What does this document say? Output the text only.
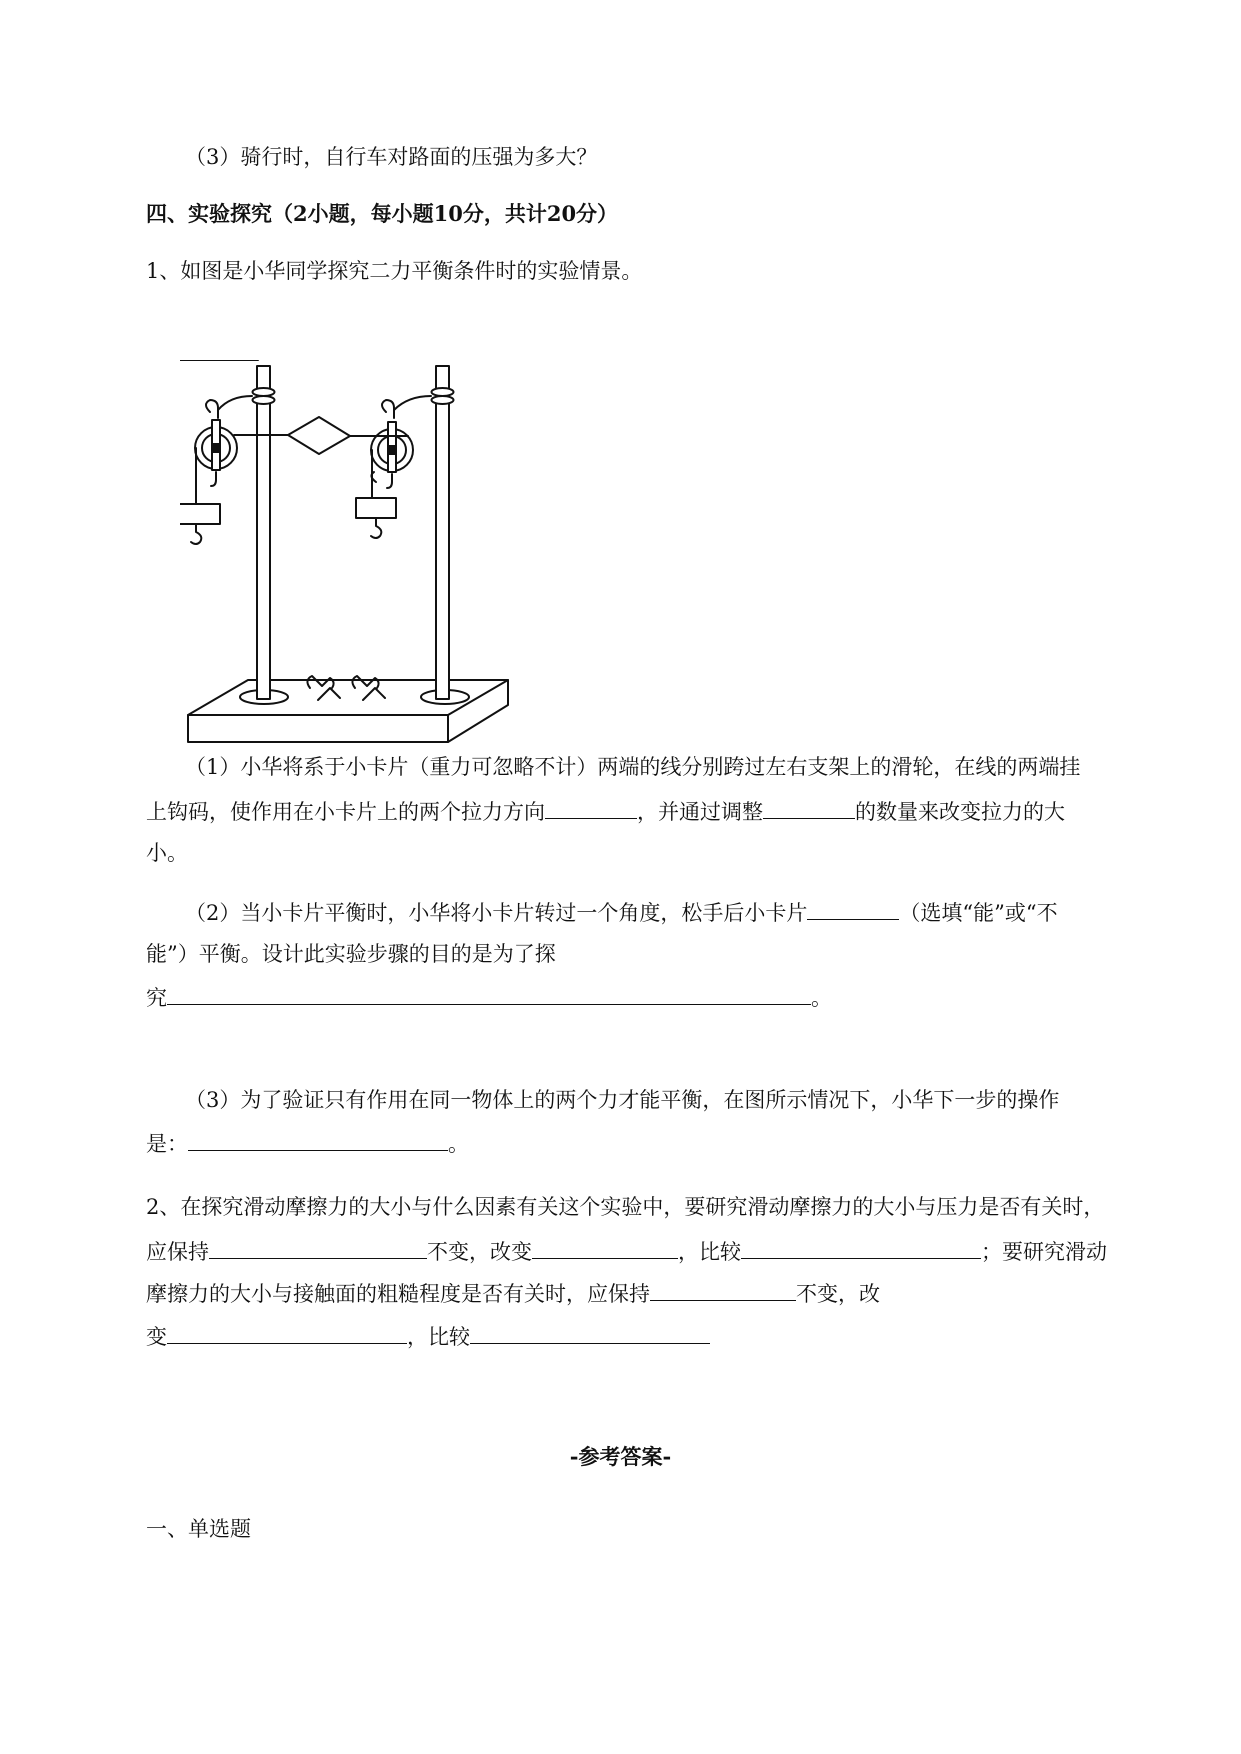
（3）骑行时，自行车对路面的压强为多大？
四、实验探究（2小题，每小题10分，共计20分）
1、如图是小华同学探究二力平衡条件时的实验情景。
（1）小华将系于小卡片（重力可忽略不计）两端的线分别跨过左右支架上的滑轮，在线的两端挂
上钩码，使作用在小卡片上的两个拉力方向	，并通过调整	的数量来改变拉力的大
小。
（2）当小卡片平衡时，小华将小卡片转过一个角度，松手后小卡片	（选填“能”或“不
能”）平衡。设计此实验步骤的目的是为了探
究	。
（3）为了验证只有作用在同一物体上的两个力才能平衡，在图所示情况下，小华下一步的操作
是：	。
2、在探究滑动摩擦力的大小与什么因素有关这个实验中，要研究滑动摩擦力的大小与压力是否有关时，
应保持	不变，改变	，比较	；要研究滑动
摩擦力的大小与接触面的粗糙程度是否有关时，应保持	不变，改
变	，比较
-参考答案-
一、单选题
